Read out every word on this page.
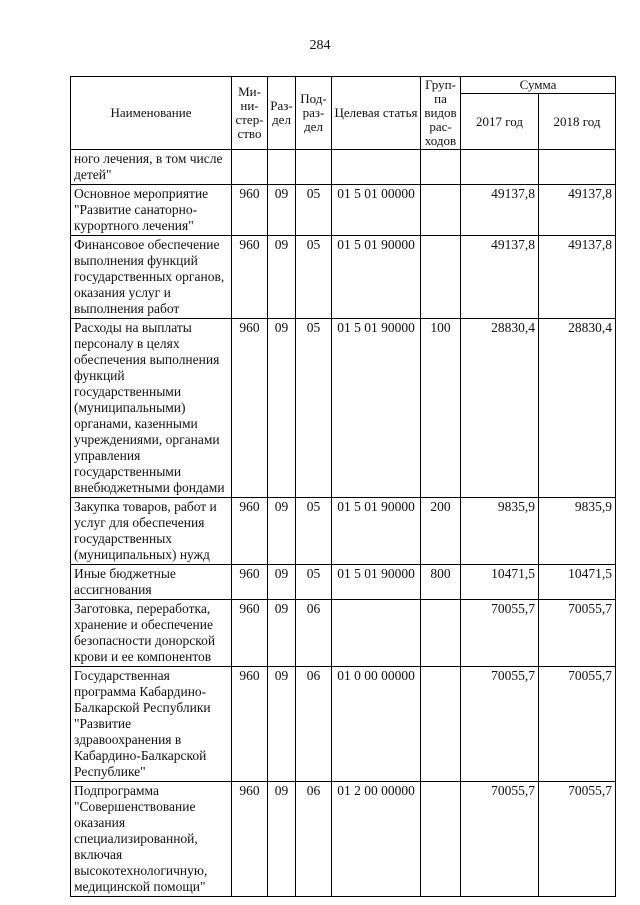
284
Наименование	Ми-ни-стер-ство	Раз-дел	Под-раз-дел	Целевая статья	Груп-па видов рас-ходов	Сумма	
						2017 год	2018 год
ного лечения, в том числе детей"							
Основное мероприятие "Развитие санаторно-курортного лечения"	960	09	05	01 5 01 00000		49137,8	49137,8
Финансовое обеспечение выполнения функций государственных органов, оказания услуг и выполнения работ	960	09	05	01 5 01 90000		49137,8	49137,8
Расходы на выплаты персоналу в целях обеспечения выполнения функций государственными (муниципальными) органами, казенными учреждениями, органами управления государственными внебюджетными фондами	960	09	05	01 5 01 90000	100	28830,4	28830,4
Закупка товаров, работ и услуг для обеспечения государственных (муниципальных) нужд	960	09	05	01 5 01 90000	200	9835,9	9835,9
Иные бюджетные ассигнования	960	09	05	01 5 01 90000	800	10471,5	10471,5
Заготовка, переработка, хранение и обеспечение безопасности донорской крови и ее компонентов	960	09	06			70055,7	70055,7
Государственная программа Кабардино-Балкарской Республики "Развитие здравоохранения в Кабардино-Балкарской Республике"	960	09	06	01 0 00 00000		70055,7	70055,7
Подпрограмма "Совершенствование оказания специализированной, включая высокотехнологичную, медицинской помощи"	960	09	06	01 2 00 00000		70055,7	70055,7
